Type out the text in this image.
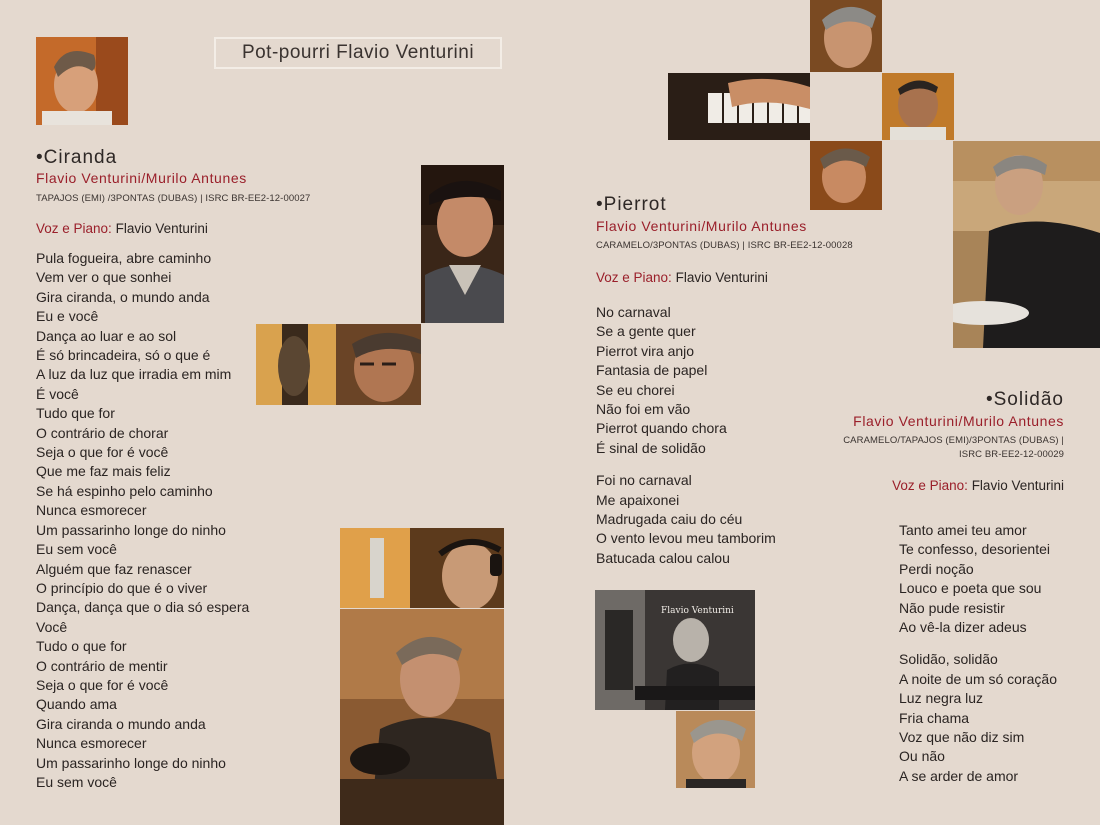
Flavio Venturini
Pot-pourri Flavio Venturini
•Ciranda
Flavio Venturini/Murilo Antunes
TAPAJOS (EMI) /3PONTAS (DUBAS) | ISRC BR-EE2-12-00027
Voz e Piano: Flavio Venturini
Pula fogueira, abre caminho
Vem ver o que sonhei
Gira ciranda, o mundo anda
Eu e você
Dança ao luar e ao sol
É só brincadeira, só o que é
A luz da luz que irradia em mim
É você
Tudo que for
O contrário de chorar
Seja o que for é você
Que me faz mais feliz
Se há espinho pelo caminho
Nunca esmorecer
Um passarinho longe do ninho
Eu sem você
Alguém que faz renascer
O princípio do que é o viver
Dança, dança que o dia só espera
Você
Tudo o que for
O contrário de mentir
Seja o que for é você
Quando ama
Gira ciranda o mundo anda
Nunca esmorecer
Um passarinho longe do ninho
Eu sem você
•Pierrot
Flavio Venturini/Murilo Antunes
CARAMELO/3PONTAS (DUBAS) | ISRC BR-EE2-12-00028
Voz e Piano: Flavio Venturini
No carnaval
Se a gente quer
Pierrot vira anjo
Fantasia de papel
Se eu chorei
Não foi em vão
Pierrot quando chora
É sinal de solidão
Foi no carnaval
Me apaixonei
Madrugada caiu do céu
O vento levou meu tamborim
Batucada calou calou
•Solidão
Flavio Venturini/Murilo Antunes
CARAMELO/TAPAJOS (EMI)/3PONTAS (DUBAS) |
ISRC BR-EE2-12-00029
Voz e Piano: Flavio Venturini
Tanto amei teu amor
Te confesso, desorientei
Perdi noção
Louco e poeta que sou
Não pude resistir
Ao vê-la dizer adeus
Solidão, solidão
A noite de um só coração
Luz negra luz
Fria chama
Voz que não diz sim
Ou não
A se arder de amor
